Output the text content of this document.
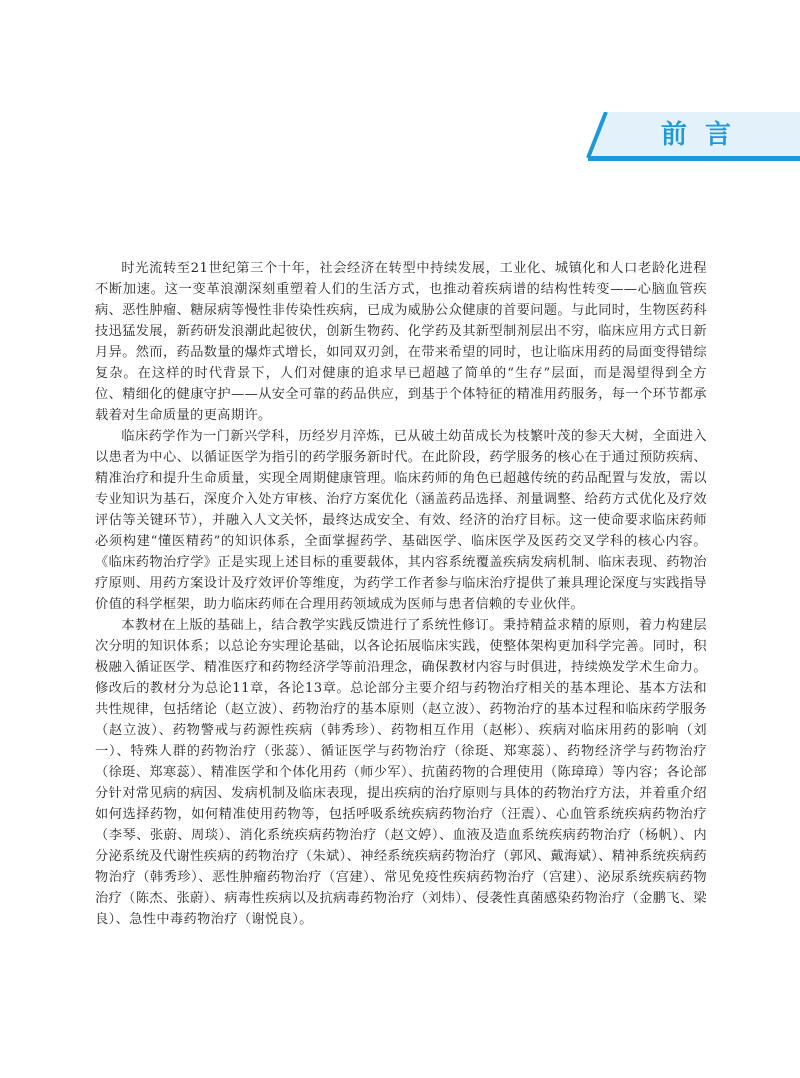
前言

时光流转至21世纪第三个十年，社会经济在转型中持续发展，工业化、城镇化和人口老龄化进程不断加速。这一变革浪潮深刻重塑着人们的生活方式，也推动着疾病谱的结构性转变——心脑血管疾病、恶性肿瘤、糖尿病等慢性非传染性疾病，已成为威胁公众健康的首要问题。与此同时，生物医药科技迅猛发展，新药研发浪潮此起彼伏，创新生物药、化学药及其新型制剂层出不穷，临床应用方式日新月异。然而，药品数量的爆炸式增长，如同双刃剑，在带来希望的同时，也让临床用药的局面变得错综复杂。在这样的时代背景下，人们对健康的追求早已超越了简单的“生存”层面，而是渴望得到全方位、精细化的健康守护——从安全可靠的药品供应，到基于个体特征的精准用药服务，每一个环节都承载着对生命质量的更高期许。

临床药学作为一门新兴学科，历经岁月淬炼，已从破土幼苗成长为枝繁叶茂的参天大树，全面进入以患者为中心、以循证医学为指引的药学服务新时代。在此阶段，药学服务的核心在于通过预防疾病、精准治疗和提升生命质量，实现全周期健康管理。临床药师的角色已超越传统的药品配置与发放，需以专业知识为基石，深度介入处方审核、治疗方案优化（涵盖药品选择、剂量调整、给药方式优化及疗效评估等关键环节），并融入人文关怀，最终达成安全、有效、经济的治疗目标。这一使命要求临床药师必须构建“懂医精药”的知识体系，全面掌握药学、基础医学、临床医学及医药交叉学科的核心内容。《临床药物治疗学》正是实现上述目标的重要载体，其内容系统覆盖疾病发病机制、临床表现、药物治疗原则、用药方案设计及疗效评价等维度，为药学工作者参与临床治疗提供了兼具理论深度与实践指导价值的科学框架，助力临床药师在合理用药领域成为医师与患者信赖的专业伙伴。

本教材在上版的基础上，结合教学实践反馈进行了系统性修订。秉持精益求精的原则，着力构建层次分明的知识体系；以总论夯实理论基础，以各论拓展临床实践，使整体架构更加科学完善。同时，积极融入循证医学、精准医疗和药物经济学等前沿理念，确保教材内容与时俱进，持续焕发学术生命力。修改后的教材分为总论11章，各论13章。总论部分主要介绍与药物治疗相关的基本理论、基本方法和共性规律，包括绪论（赵立波）、药物治疗的基本原则（赵立波）、药物治疗的基本过程和临床药学服务（赵立波）、药物警戒与药源性疾病（韩秀珍）、药物相互作用（赵彬）、疾病对临床用药的影响（刘一）、特殊人群的药物治疗（张蕊）、循证医学与药物治疗（徐珽、郑寒蕊）、药物经济学与药物治疗（徐珽、郑寒蕊）、精准医学和个体化用药（师少军）、抗菌药物的合理使用（陈璋璋）等内容；各论部分针对常见病的病因、发病机制及临床表现，提出疾病的治疗原则与具体的药物治疗方法，并着重介绍如何选择药物，如何精准使用药物等，包括呼吸系统疾病药物治疗（汪震）、心血管系统疾病药物治疗（李琴、张蔚、周琰）、消化系统疾病药物治疗（赵文婷）、血液及造血系统疾病药物治疗（杨帆）、内分泌系统及代谢性疾病的药物治疗（朱斌）、神经系统疾病药物治疗（郭风、戴海斌）、精神系统疾病药物治疗（韩秀珍）、恶性肿瘤药物治疗（宫建）、常见免疫性疾病药物治疗（宫建）、泌尿系统疾病药物治疗（陈杰、张蔚）、病毒性疾病以及抗病毒药物治疗（刘炜）、侵袭性真菌感染药物治疗（金鹏飞、梁良）、急性中毒药物治疗（谢悦良）。
